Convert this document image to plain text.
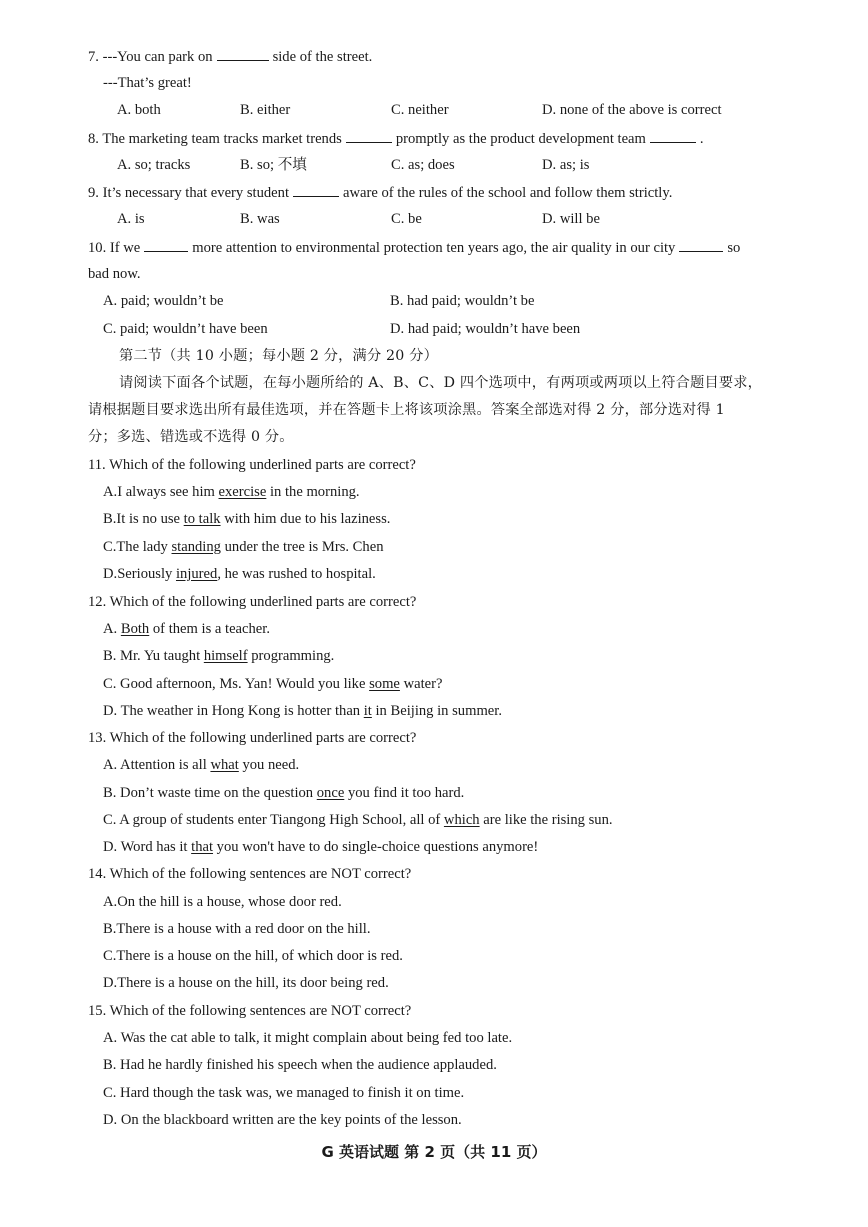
7. ---You can park on	side of the street.
---That’s great!
A. both	B. either	C. neither	D. none of the above is correct
8. The marketing team tracks market trends	promptly as the product development team	.
A. so; tracks	B. so; 不填	C. as; does	D. as; is
9. It’s necessary that every student	aware of the rules of the school and follow them strictly.
A. is	B. was	C. be	D. will be
10. If we	more attention to environmental protection ten years ago, the air quality in our city	so
bad now.
A. paid; wouldn’t be	B. had paid; wouldn’t be
C. paid; wouldn’t have been	D. had paid; wouldn’t have been
第二节（共 10 小题；每小题 2 分，满分 20 分）
请阅读下面各个试题，在每小题所给的 A、B、C、D 四个选项中，有两项或两项以上符合题目要求，
请根据题目要求选出所有最佳选项，并在答题卡上将该项涂黑。答案全部选对得 2 分，部分选对得 1
分；多选、错选或不选得 0 分。
11. Which of the following underlined parts are correct?
A.I always see him exercise in the morning.
B.It is no use to talk with him due to his laziness.
C.The lady standing under the tree is Mrs. Chen
D.Seriously injured, he was rushed to hospital.
12. Which of the following underlined parts are correct?
A. Both of them is a teacher.
B. Mr. Yu taught himself programming.
C. Good afternoon, Ms. Yan! Would you like some water?
D. The weather in Hong Kong is hotter than it in Beijing in summer.
13. Which of the following underlined parts are correct?
A. Attention is all what you need.
B. Don’t waste time on the question once you find it too hard.
C. A group of students enter Tiangong High School, all of which are like the rising sun.
D. Word has it that you won't have to do single-choice questions anymore!
14. Which of the following sentences are NOT correct?
A.On the hill is a house, whose door red.
B.There is a house with a red door on the hill.
C.There is a house on the hill, of which door is red.
D.There is a house on the hill, its door being red.
15. Which of the following sentences are NOT correct?
A. Was the cat able to talk, it might complain about being fed too late.
B. Had he hardly finished his speech when the audience applauded.
C. Hard though the task was, we managed to finish it on time.
D. On the blackboard written are the key points of the lesson.
G 英语试题 第 2 页（共 11 页）
